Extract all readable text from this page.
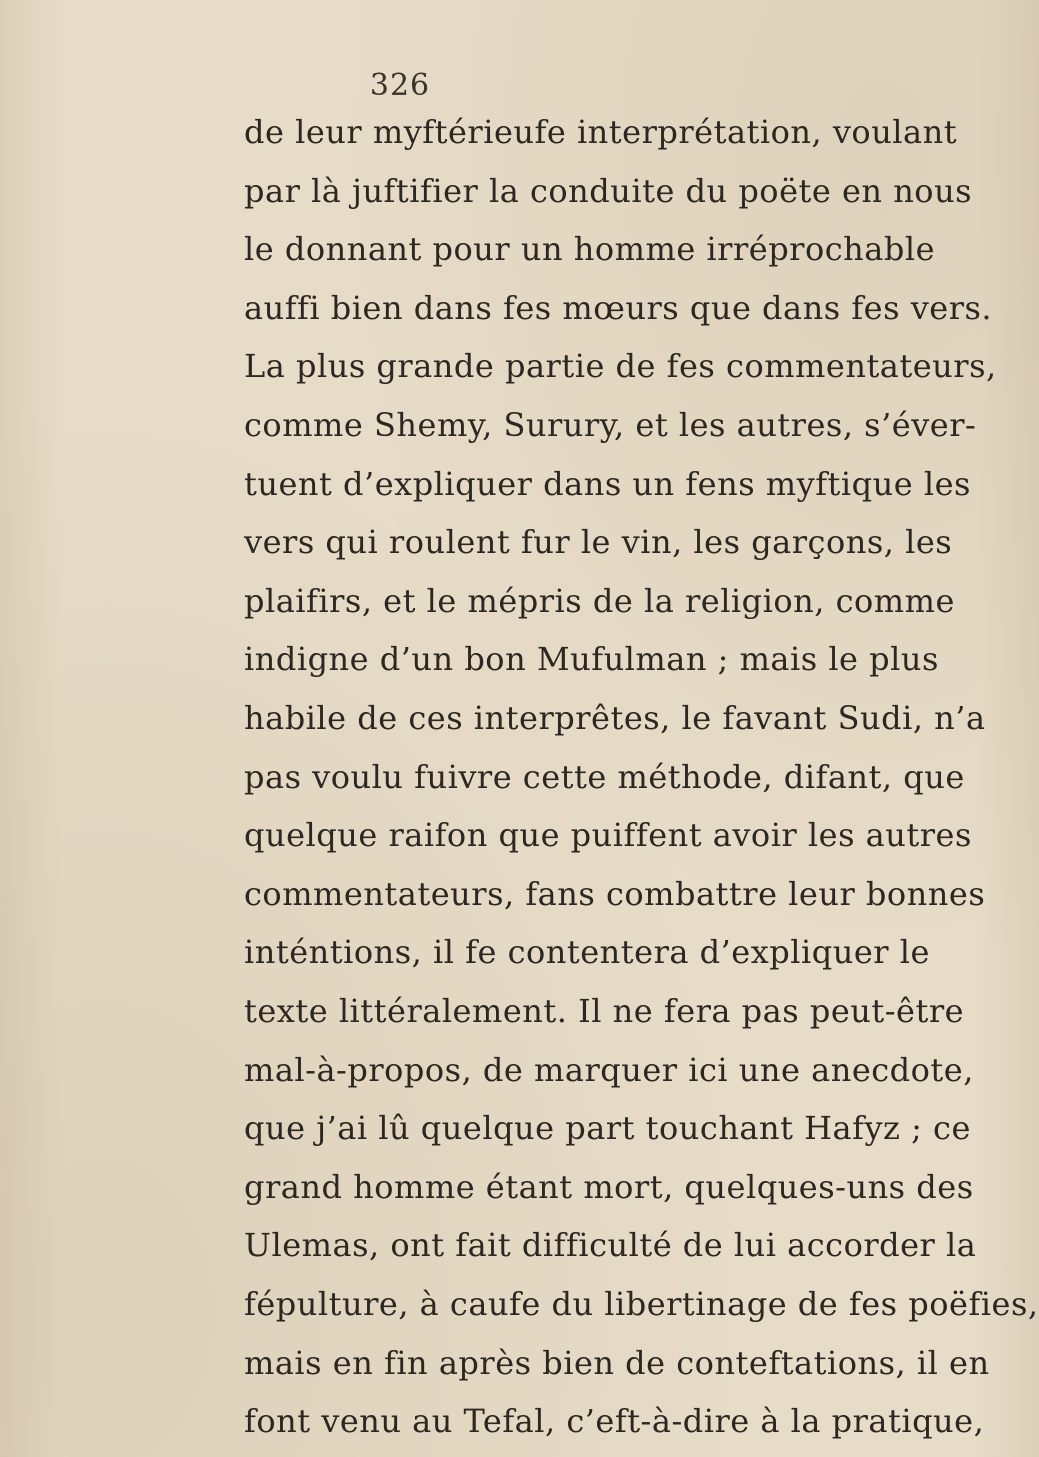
326
de leur myftérieufe interprétation, voulant
par là juftifier la conduite du poëte en nous
le donnant pour un homme irréprochable
auffi bien dans fes mœurs que dans fes vers.
La plus grande partie de fes commentateurs,
comme Shemy, Surury, et les autres, s’éver-
tuent d’expliquer dans un fens myftique les
vers qui roulent fur le vin, les garçons, les
plaifirs, et le mépris de la religion, comme
indigne d’un bon Mufulman ; mais le plus
habile de ces interprêtes, le favant Sudi, n’a
pas voulu fuivre cette méthode, difant, que
quelque raifon que puiffent avoir les autres
commentateurs, fans combattre leur bonnes
inténtions, il fe contentera d’expliquer le
texte littéralement. Il ne fera pas peut-être
mal-à-propos, de marquer ici une anecdote,
que j’ai lû quelque part touchant Hafyz ; ce
grand homme étant mort, quelques-uns des
Ulemas, ont fait difficulté de lui accorder la
fépulture, à caufe du libertinage de fes poëfies,
mais en fin après bien de conteftations, il en
font venu au Tefal, c’eft-à-dire à la pratique,
